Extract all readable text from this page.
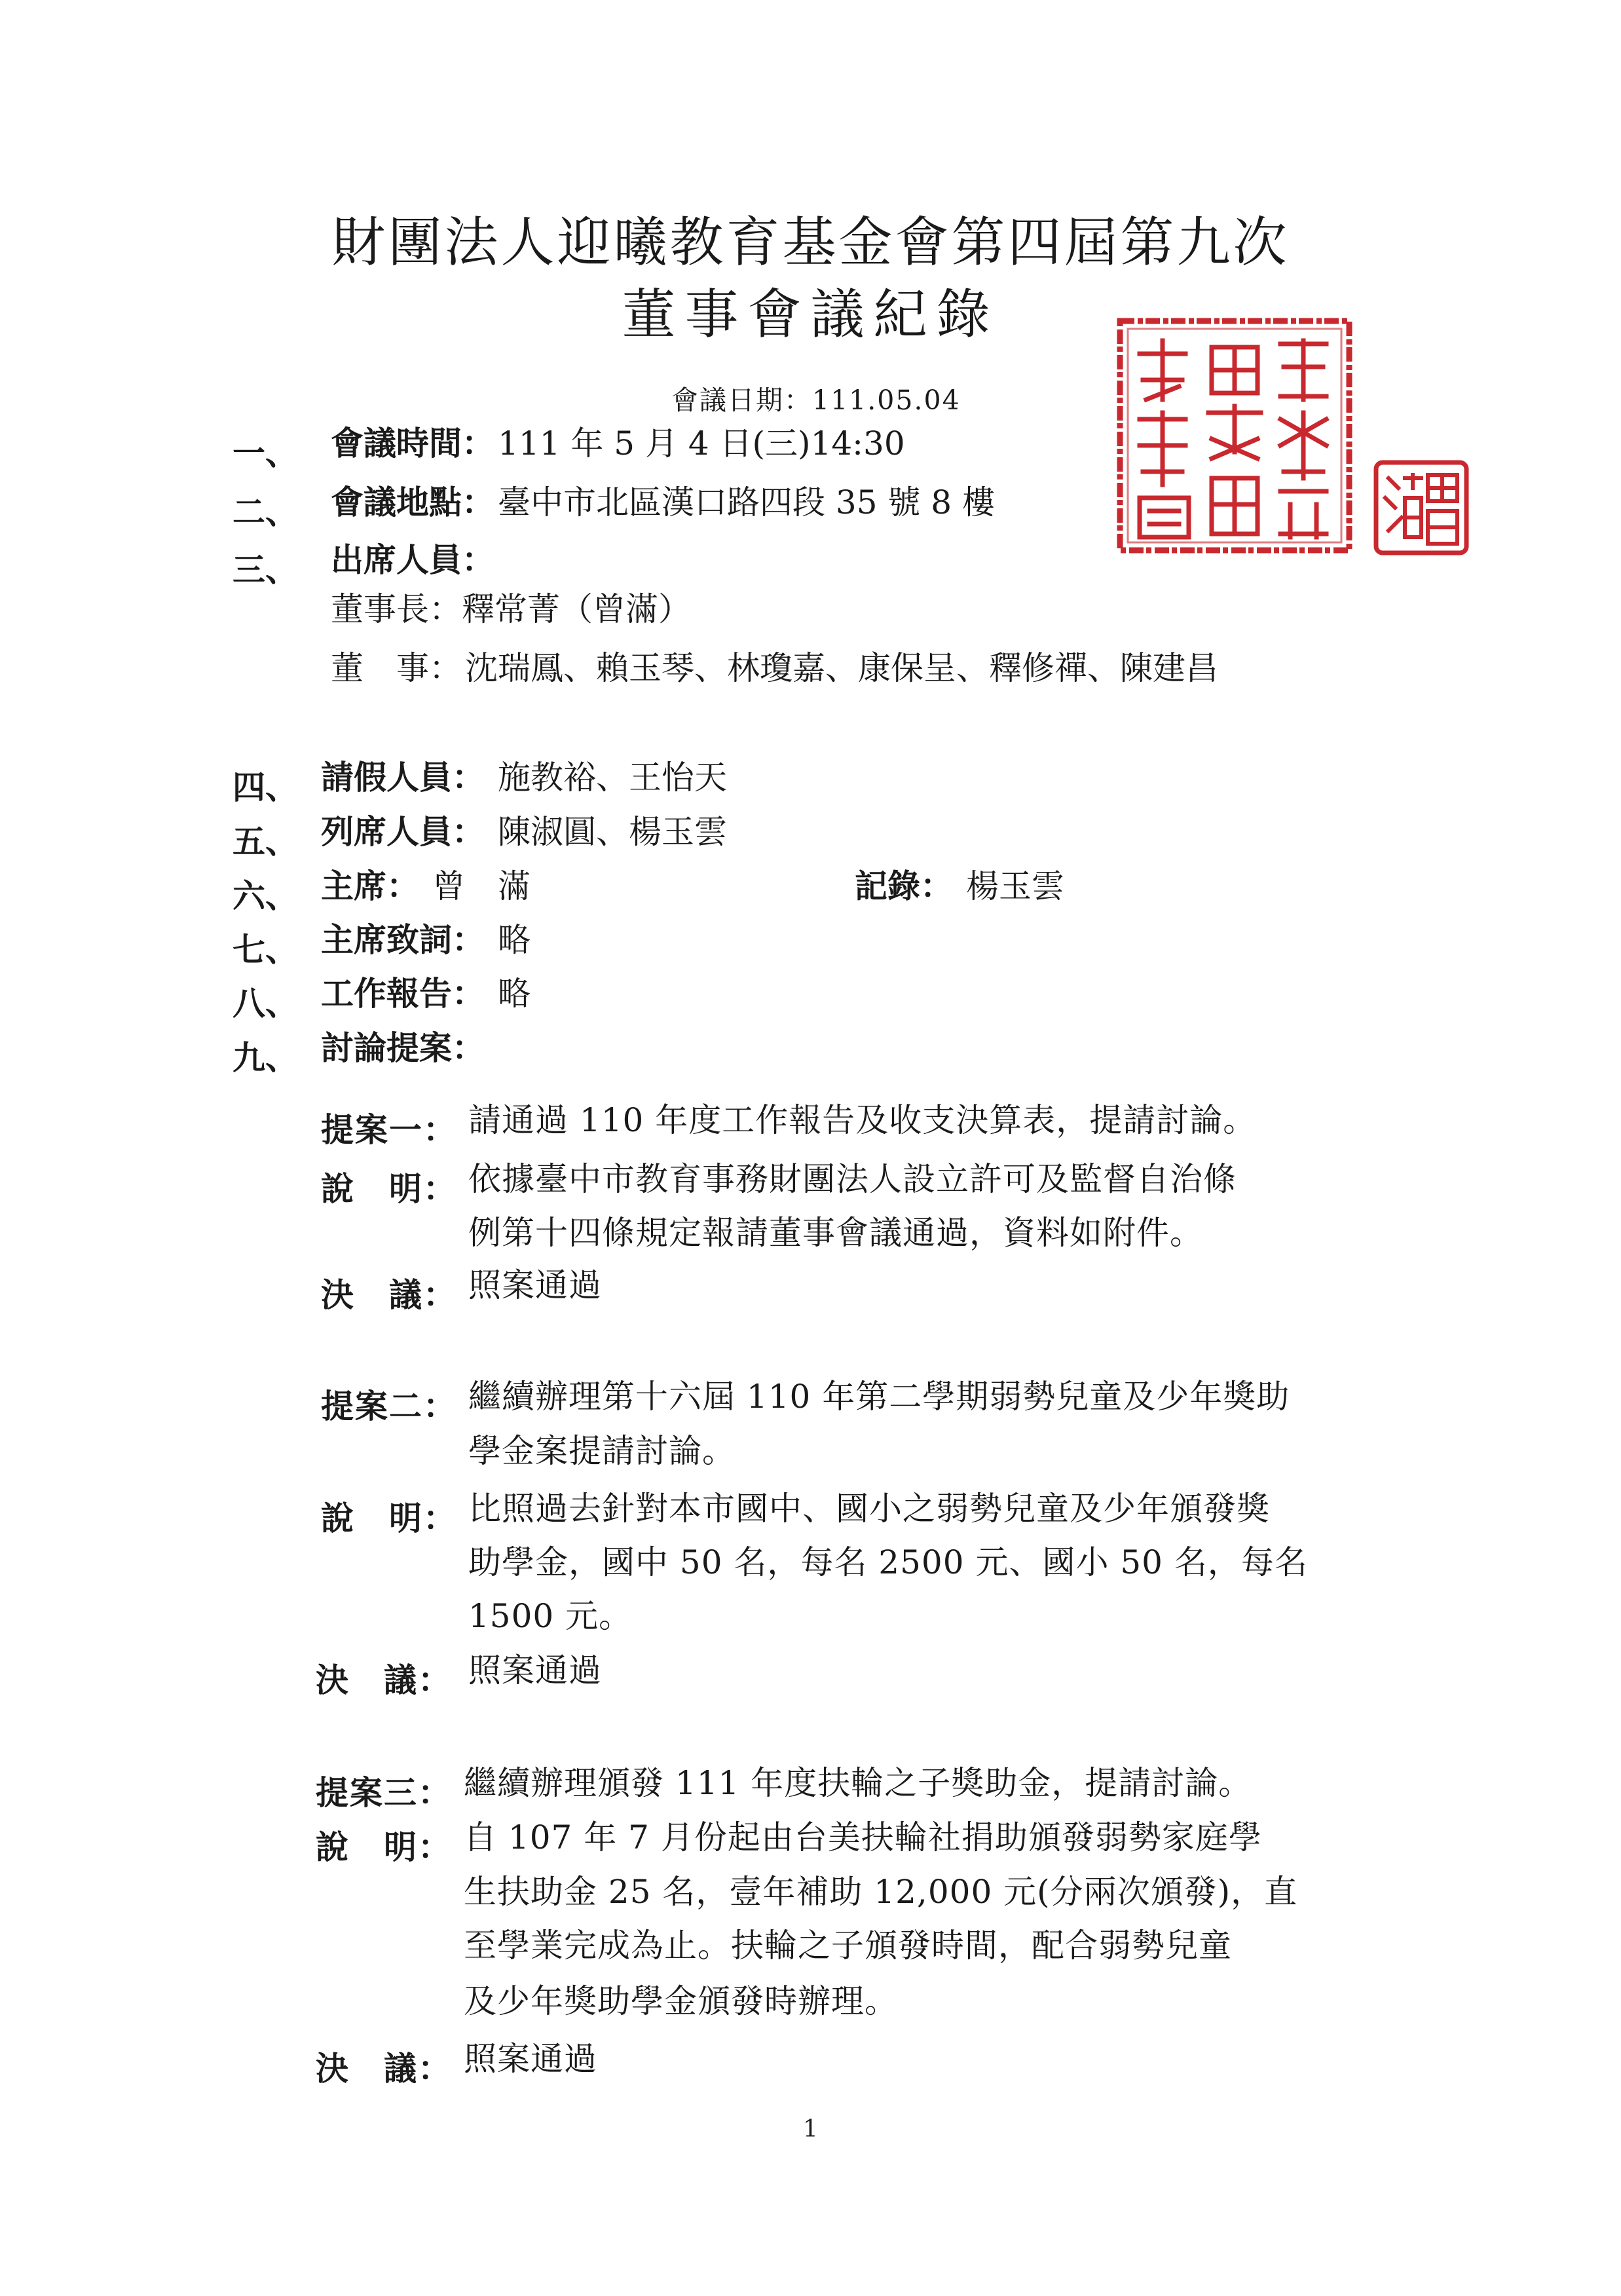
財團法人迎曦教育基金會第四屆第九次
董事會議紀錄
會議日期：111.05.04
一、 會議時間： 111 年 5 月 4 日(三)14:30
二、 會議地點： 臺中市北區漢口路四段 35 號 8 樓
三、 出席人員：
董事長：釋常菁（曾滿）
董　事： 沈瑞鳳、賴玉琴、林瓊嘉、康保呈、釋修禪、陳建昌
四、 請假人員： 施教裕、王怡天
五、 列席人員： 陳淑圓、楊玉雲
六、 主席： 曾　滿	記錄： 楊玉雲
七、 主席致詞： 略
八、 工作報告： 略
九、 討論提案：
提案一： 請通過 110 年度工作報告及收支決算表，提請討論。
說　明： 依據臺中市教育事務財團法人設立許可及監督自治條
例第十四條規定報請董事會議通過，資料如附件。
決　議： 照案通過
提案二： 繼續辦理第十六屆 110 年第二學期弱勢兒童及少年獎助
學金案提請討論。
說　明： 比照過去針對本市國中、國小之弱勢兒童及少年頒發獎
助學金，國中 50 名，每名 2500 元、國小 50 名，每名
1500 元。
決　議： 照案通過
提案三： 繼續辦理頒發 111 年度扶輪之子獎助金，提請討論。
說　明： 自 107 年 7 月份起由台美扶輪社捐助頒發弱勢家庭學
生扶助金 25 名，壹年補助 12,000 元(分兩次頒發)，直
至學業完成為止。扶輪之子頒發時間，配合弱勢兒童
及少年獎助學金頒發時辦理。
決　議： 照案通過
1
